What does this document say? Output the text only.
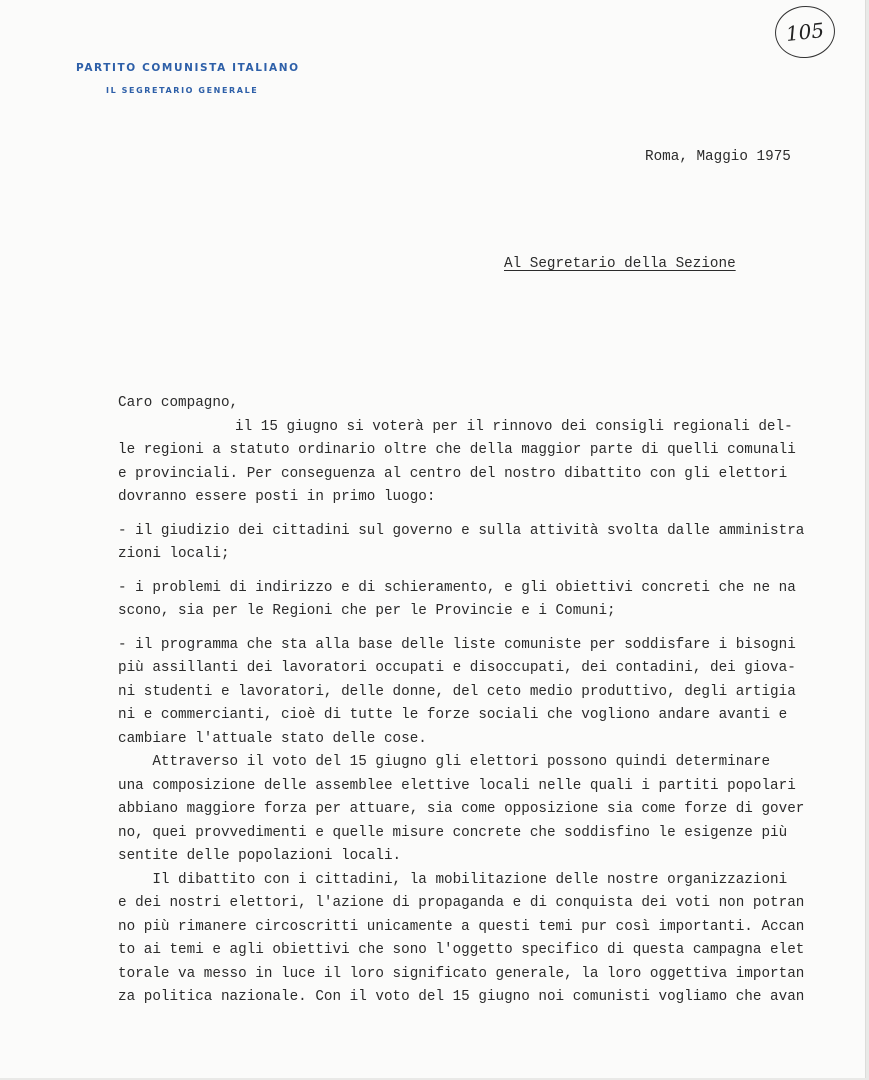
PARTITO COMUNISTA ITALIANO
IL SEGRETARIO GENERALE
105
Roma, Maggio 1975
Al Segretario della Sezione
Caro compagno,
il 15 giugno si voterà per il rinnovo dei consigli regionali del-
le regioni a statuto ordinario oltre che della maggior parte di quelli comunali
e provinciali. Per conseguenza al centro del nostro dibattito con gli elettori
dovranno essere posti in primo luogo:
- il giudizio dei cittadini sul governo e sulla attività svolta dalle amministra
zioni locali;
- i problemi di indirizzo e di schieramento, e gli obiettivi concreti che ne na
scono, sia per le Regioni che per le Provincie e i Comuni;
- il programma che sta alla base delle liste comuniste per soddisfare i bisogni
più assillanti dei lavoratori occupati e disoccupati, dei contadini, dei giova-
ni studenti e lavoratori, delle donne, del ceto medio produttivo, degli artigia
ni e commercianti, cioè di tutte le forze sociali che vogliono andare avanti e
cambiare l'attuale stato delle cose.
Attraverso il voto del 15 giugno gli elettori possono quindi determinare
una composizione delle assemblee elettive locali nelle quali i partiti popolari
abbiano maggiore forza per attuare, sia come opposizione sia come forze di gover
no, quei provvedimenti e quelle misure concrete che soddisfino le esigenze più
sentite delle popolazioni locali.
Il dibattito con i cittadini, la mobilitazione delle nostre organizzazioni
e dei nostri elettori, l'azione di propaganda e di conquista dei voti non potran
no più rimanere circoscritti unicamente a questi temi pur così importanti. Accan
to ai temi e agli obiettivi che sono l'oggetto specifico di questa campagna elet
torale va messo in luce il loro significato generale, la loro oggettiva importan
za politica nazionale. Con il voto del 15 giugno noi comunisti vogliamo che avan
